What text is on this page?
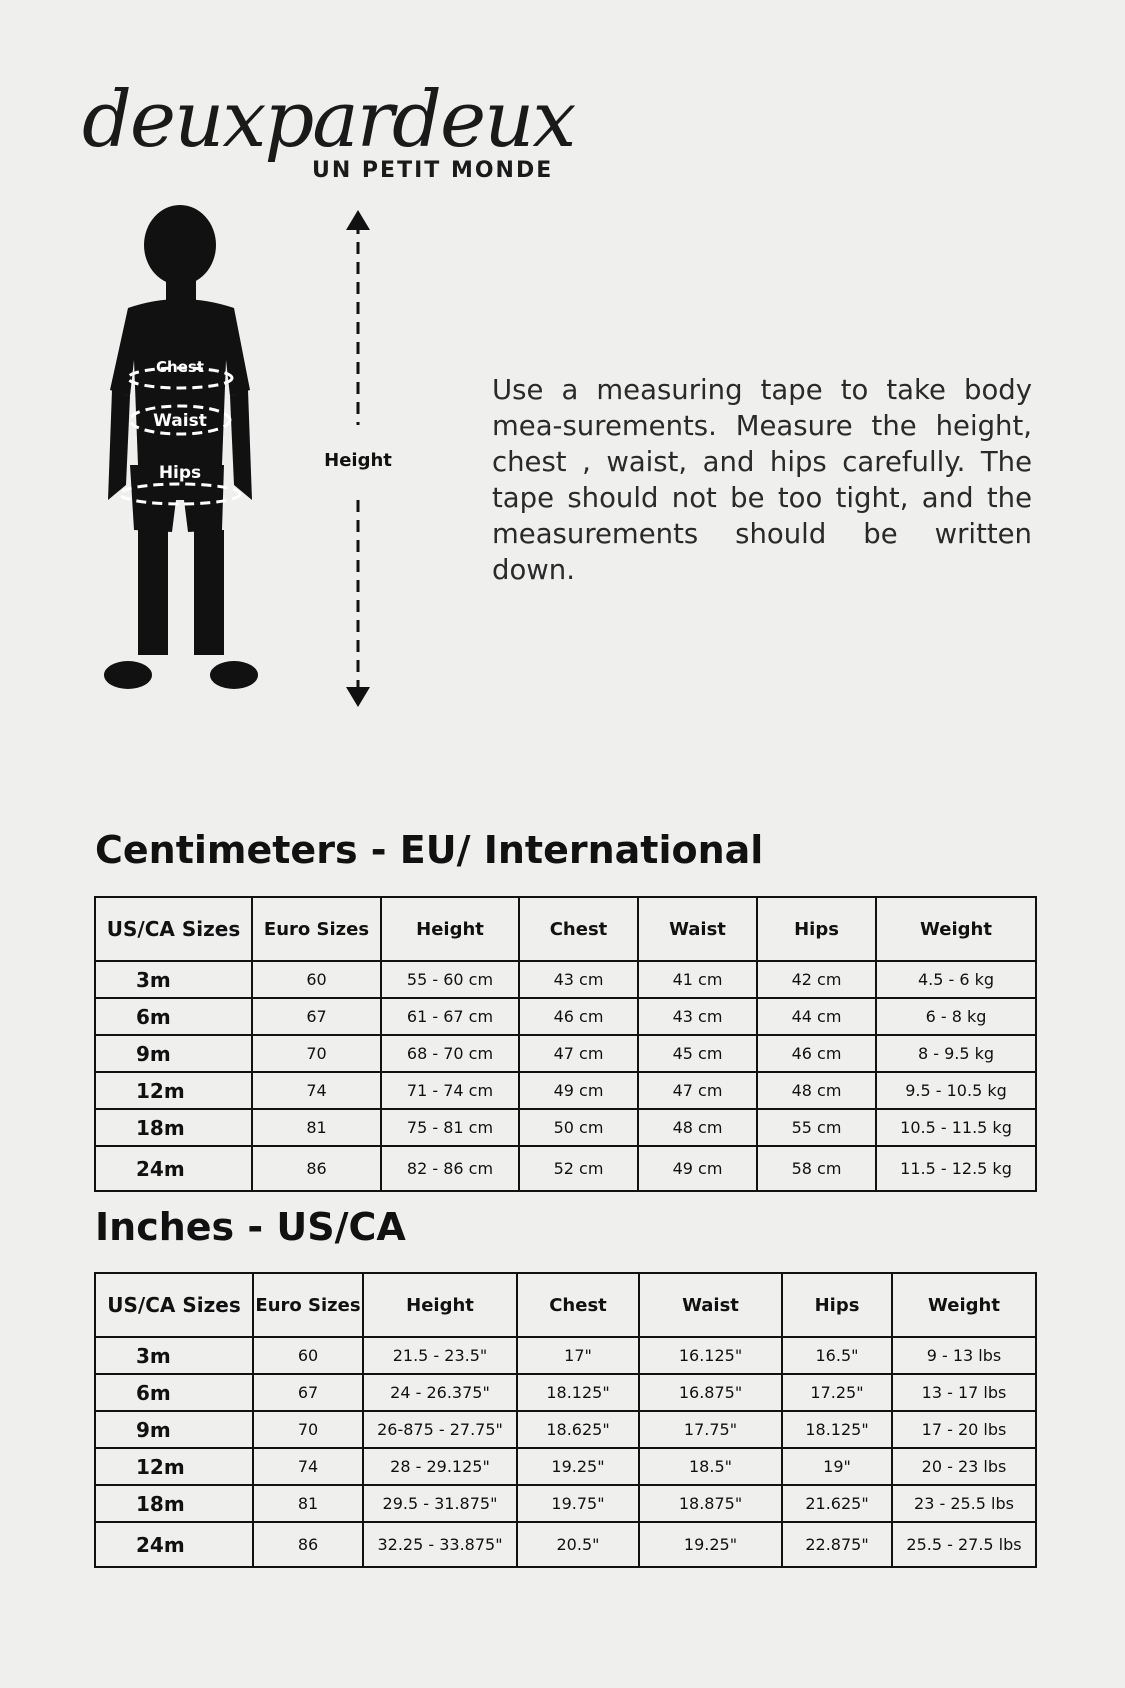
deuxpardeux
UN PETIT MONDE
Chest
Waist
Hips
Height
Use a measuring tape to take body mea-surements. Measure the height, chest , waist, and hips carefully. The tape should not be too tight, and the measurements should be written down.
Centimeters - EU/ International
US/CA Sizes	Euro Sizes	Height	Chest	Waist	Hips	Weight
3m	60	55 - 60 cm	43 cm	41 cm	42 cm	4.5 - 6 kg
6m	67	61 - 67 cm	46 cm	43 cm	44 cm	6 - 8 kg
9m	70	68 - 70 cm	47 cm	45 cm	46 cm	8 - 9.5 kg
12m	74	71 - 74 cm	49 cm	47 cm	48 cm	9.5 - 10.5 kg
18m	81	75 - 81 cm	50 cm	48 cm	55 cm	10.5 - 11.5 kg
24m	86	82 - 86 cm	52 cm	49 cm	58 cm	11.5 - 12.5 kg
Inches - US/CA
US/CA Sizes	Euro Sizes	Height	Chest	Waist	Hips	Weight
3m	60	21.5 - 23.5"	17"	16.125"	16.5"	9 - 13 lbs
6m	67	24 - 26.375"	18.125"	16.875"	17.25"	13 - 17 lbs
9m	70	26-875 - 27.75"	18.625"	17.75"	18.125"	17 - 20 lbs
12m	74	28 - 29.125"	19.25"	18.5"	19"	20 - 23 lbs
18m	81	29.5 - 31.875"	19.75"	18.875"	21.625"	23 - 25.5 lbs
24m	86	32.25 - 33.875"	20.5"	19.25"	22.875"	25.5 - 27.5 lbs
